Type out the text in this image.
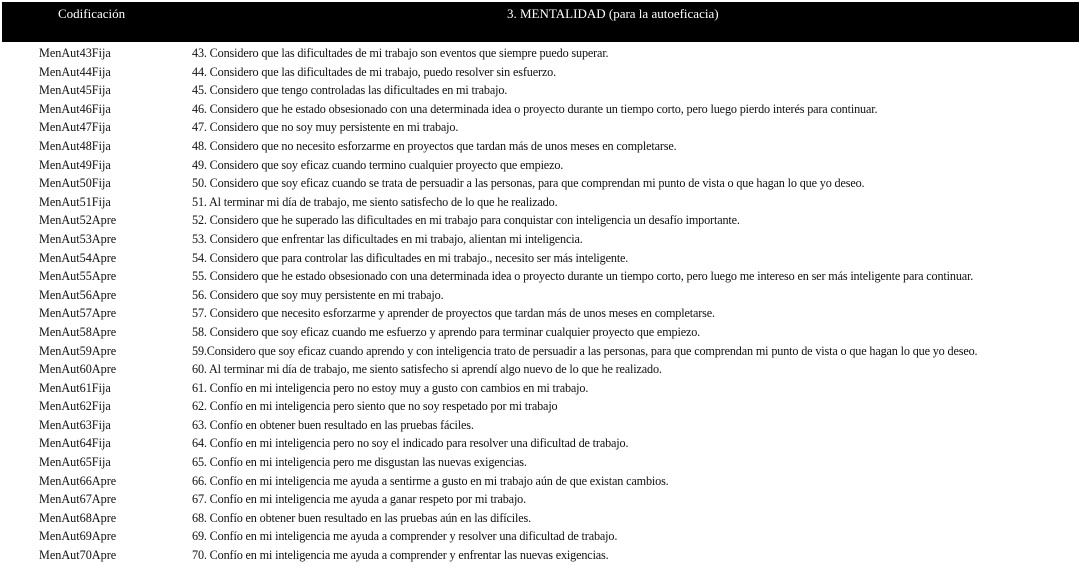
Codificación	3. MENTALIDAD (para la autoeficacia)
MenAut43Fija	43. Considero que las dificultades de mi trabajo son eventos que siempre puedo superar.
MenAut44Fija	44. Considero que las dificultades de mi trabajo, puedo resolver sin esfuerzo.
MenAut45Fija	45. Considero que tengo controladas las dificultades en mi trabajo.
MenAut46Fija	46. Considero que he estado obsesionado con una determinada idea o proyecto durante un tiempo corto, pero luego pierdo interés para continuar.
MenAut47Fija	47. Considero que no soy muy persistente en mi trabajo.
MenAut48Fija	48. Considero que no necesito esforzarme en proyectos que tardan más de unos meses en completarse.
MenAut49Fija	49. Considero que soy eficaz cuando termino cualquier proyecto que empiezo.
MenAut50Fija	50. Considero que soy eficaz cuando se trata de persuadir a las personas, para que comprendan mi punto de vista o que hagan lo que yo deseo.
MenAut51Fija	51. Al terminar mi día de trabajo, me siento satisfecho de lo que he realizado.
MenAut52Apre	52. Considero que he superado las dificultades en mi trabajo para conquistar con inteligencia un desafío importante.
MenAut53Apre	53. Considero que enfrentar las dificultades en mi trabajo, alientan mi inteligencia.
MenAut54Apre	54. Considero que para controlar las dificultades en mi trabajo., necesito ser más inteligente.
MenAut55Apre	55. Considero que he estado obsesionado con una determinada idea o proyecto durante un tiempo corto, pero luego me intereso en ser más inteligente para continuar.
MenAut56Apre	56. Considero que soy muy persistente en mi trabajo.
MenAut57Apre	57. Considero que necesito esforzarme y aprender de proyectos que tardan más de unos meses en completarse.
MenAut58Apre	58. Considero que soy eficaz cuando me esfuerzo y aprendo para terminar cualquier proyecto que empiezo.
MenAut59Apre	59.Considero que soy eficaz cuando aprendo y con inteligencia trato de persuadir a las personas, para que comprendan mi punto de vista o que hagan lo que yo deseo.
MenAut60Apre	60. Al terminar mi día de trabajo, me siento satisfecho si aprendí algo nuevo de lo que he realizado.
MenAut61Fija	61. Confío en mi inteligencia pero no estoy muy a gusto con cambios en mi trabajo.
MenAut62Fija	62. Confío en mi inteligencia pero siento que no soy respetado por mi trabajo
MenAut63Fija	63. Confío en obtener buen resultado en las pruebas fáciles.
MenAut64Fija	64. Confío en mi inteligencia pero no soy el indicado para resolver una dificultad de trabajo.
MenAut65Fija	65. Confío en mi inteligencia pero me disgustan las nuevas exigencias.
MenAut66Apre	66. Confío en mi inteligencia me ayuda a sentirme a gusto en mi trabajo aún de que existan cambios.
MenAut67Apre	67. Confío en mi inteligencia me ayuda a ganar respeto por mi trabajo.
MenAut68Apre	68. Confío en obtener buen resultado en las pruebas aún en las difíciles.
MenAut69Apre	69. Confío en mi inteligencia me ayuda a comprender y resolver una dificultad de trabajo.
MenAut70Apre	70. Confío en mi inteligencia me ayuda a comprender y enfrentar las nuevas exigencias.
